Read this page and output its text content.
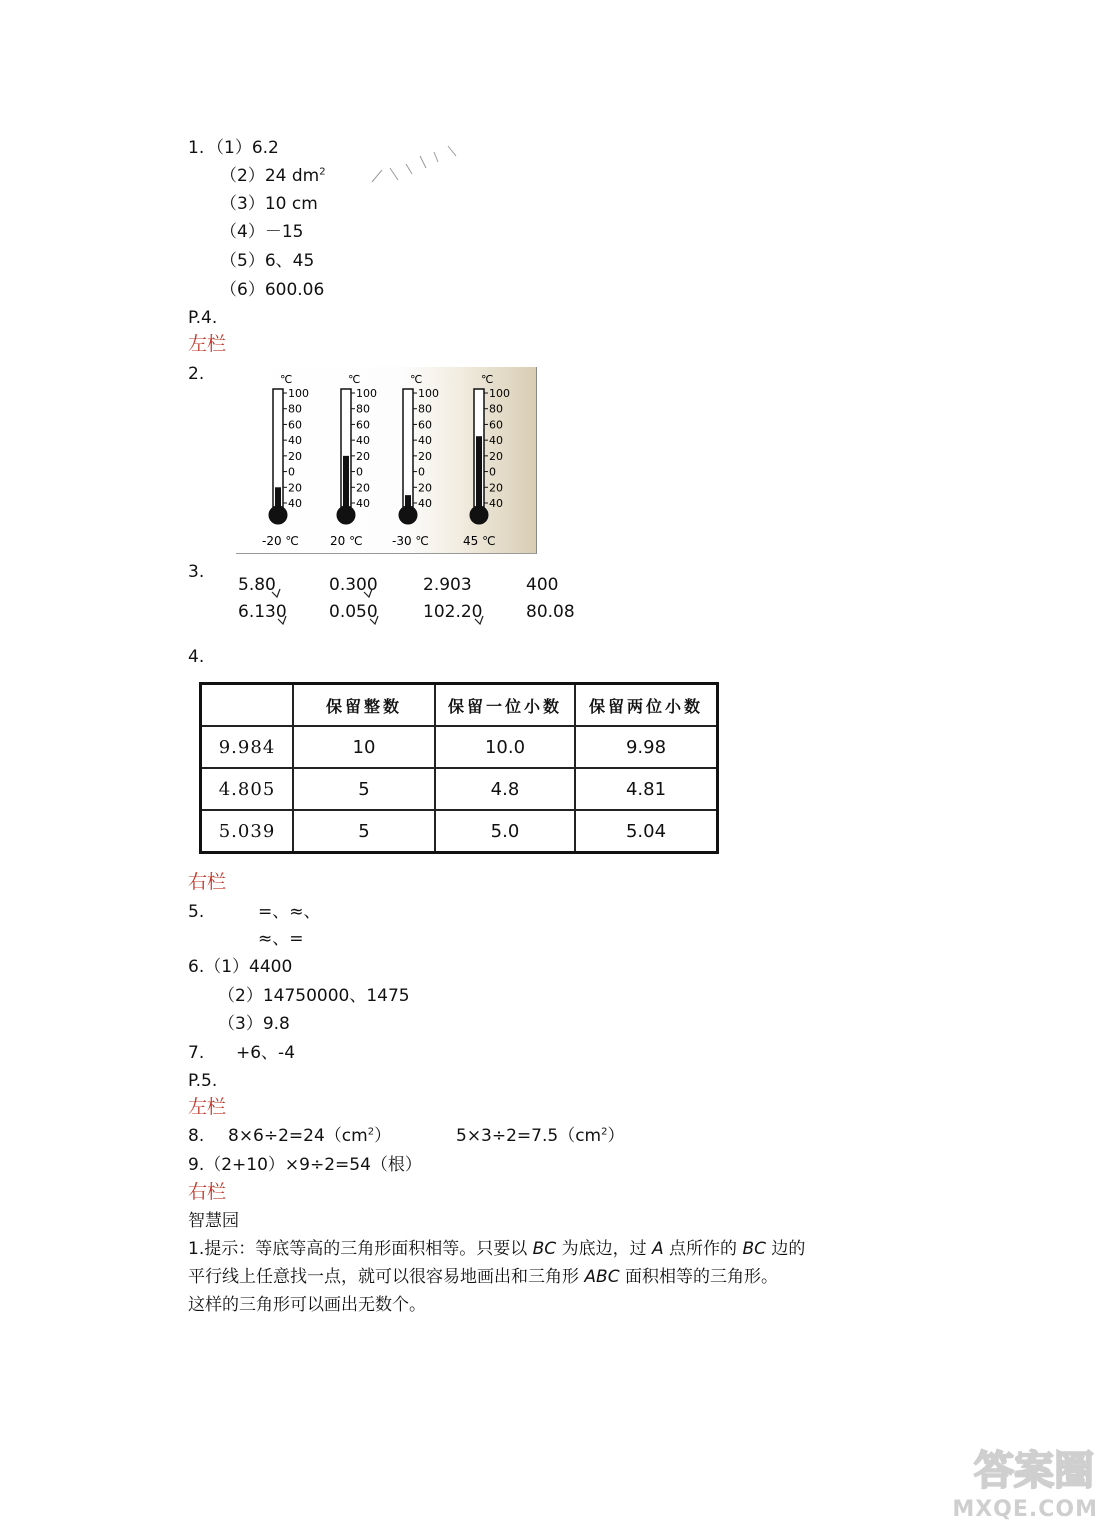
1. （1）6.2
（2）24 $dm^2$
（3）10 cm
（4）－15
（5）6、45
（6）600.06
P.4.
左栏
2.	℃
100
80
60
40
20
0
20
40
-20 ℃
℃
100
80
60
40
20
0
20
40
20 ℃
℃
100
80
60
40
20
0
20
40
-30 ℃
℃
100
80
60
40
20
0
20
40
45 ℃
3.
5.80	0.300	2.903	400
6.130 0.050	102.20	80.08
4.
	保留整数	保留一位小数	保留两位小数
9.984	10	10.0	9.98
4.805	5	4.8	4.81
5.039	5	5.0	5.04
右栏
5.	=、≈、
≈、=
6.（1）4400
（2）14750000、1475
（3）9.8
7. +6、-4
P.5.
左栏
8. $8\times 6\div 2=24(cm^2)$	$5\times 3\div 2=7.5(cm^2)$
9.（2+10）×9÷2=54（根）
右栏
智慧园
1.提示：等底等高的三角形面积相等。只要以 BC 为底边，过 A 点所作的 BC 边的
平行线上任意找一点，就可以很容易地画出和三角形 ABC 面积相等的三角形。
这样的三角形可以画出无数个。
答案圈
MXQE.COM
